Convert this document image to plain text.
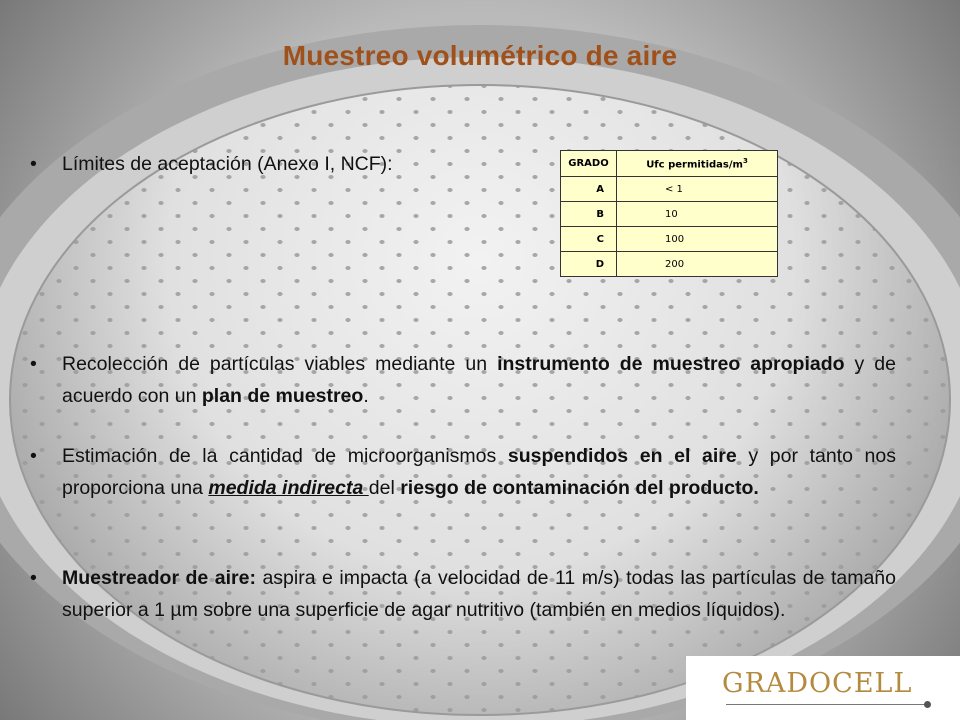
Muestreo volumétrico de aire
• Límites de aceptación (Anexo I, NCF):	GRADO	Ufc permitidas/$m^3$
A	< 1
B	10
C	100
D	200
• Recolección de partículas viables mediante un instrumento de muestreo apropiado y de acuerdo con un plan de muestreo.
• Estimación de la cantidad de microorganismos suspendidos en el aire y por tanto nos proporciona una medida indirecta del riesgo de contaminación del producto.
• Muestreador de aire: aspira e impacta (a velocidad de 11 m/s) todas las partículas de tamaño superior a 1 µm sobre una superficie de agar nutritivo (también en medios líquidos).
GRADOCELL
